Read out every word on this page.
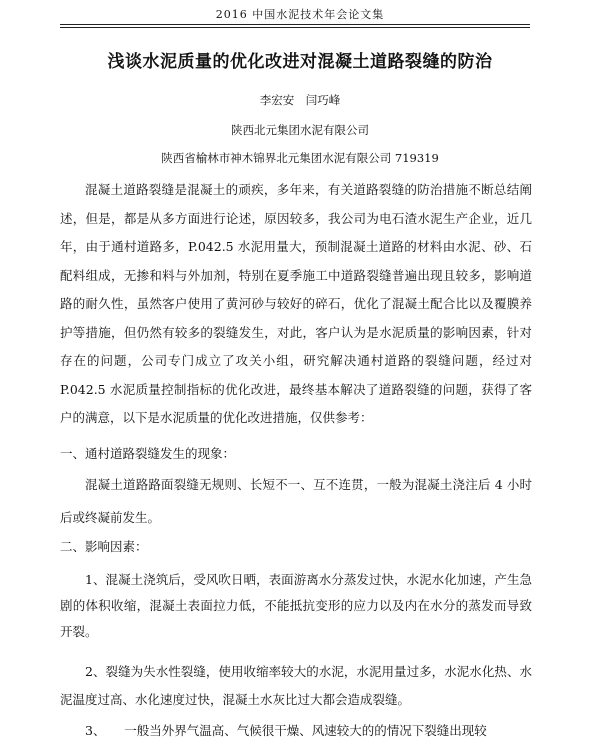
2016 中国水泥技术年会论文集
浅谈水泥质量的优化改进对混凝土道路裂缝的防治
李宏安　闫巧峰
陕西北元集团水泥有限公司
陕西省榆林市神木锦界北元集团水泥有限公司 719319
混凝土道路裂缝是混凝土的顽疾，多年来，有关道路裂缝的防治措施不断总结阐述，但是，都是从多方面进行论述，原因较多，我公司为电石渣水泥生产企业，近几年，由于通村道路多，P.042.5 水泥用量大，预制混凝土道路的材料由水泥、砂、石配料组成，无掺和料与外加剂，特别在夏季施工中道路裂缝普遍出现且较多，影响道路的耐久性，虽然客户使用了黄河砂与较好的碎石，优化了混凝土配合比以及覆膜养护等措施，但仍然有较多的裂缝发生，对此，客户认为是水泥质量的影响因素，针对存在的问题，公司专门成立了攻关小组，研究解决通村道路的裂缝问题，经过对 P.042.5 水泥质量控制指标的优化改进，最终基本解决了道路裂缝的问题，获得了客户的满意，以下是水泥质量的优化改进措施，仅供参考：
一、通村道路裂缝发生的现象：
混凝土道路路面裂缝无规则、长短不一、互不连贯，一般为混凝土浇注后 4 小时后或终凝前发生。
二、影响因素：
1、混凝土浇筑后，受风吹日晒，表面游离水分蒸发过快，水泥水化加速，产生急剧的体积收缩，混凝土表面拉力低，不能抵抗变形的应力以及内在水分的蒸发而导致开裂。
2、裂缝为失水性裂缝，使用收缩率较大的水泥，水泥用量过多，水泥水化热、水泥温度过高、水化速度过快，混凝土水灰比过大都会造成裂缝。
3、　　一般当外界气温高、气候很干燥、风速较大的的情况下裂缝出现较
